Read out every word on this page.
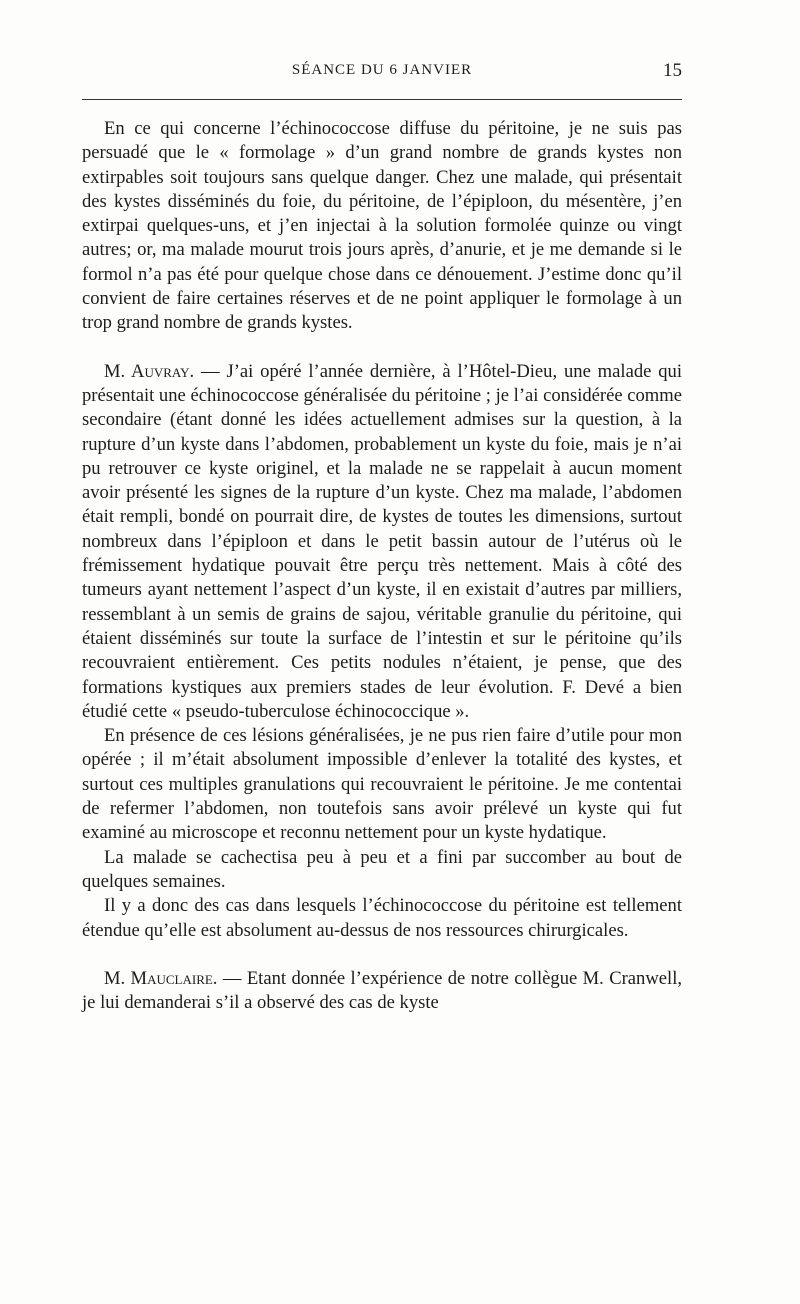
SÉANCE DU 6 JANVIER	15

En ce qui concerne l’échinococcose diffuse du péritoine, je ne suis pas persuadé que le « formolage » d’un grand nombre de grands kystes non extirpables soit toujours sans quelque danger. Chez une malade, qui présentait des kystes disséminés du foie, du péritoine, de l’épiploon, du mésentère, j’en extirpai quelques-uns, et j’en injectai à la solution formolée quinze ou vingt autres; or, ma malade mourut trois jours après, d’anurie, et je me demande si le formol n’a pas été pour quelque chose dans ce dénouement. J’estime donc qu’il convient de faire certaines réserves et de ne point appliquer le formolage à un trop grand nombre de grands kystes.

M. Auvray. — J’ai opéré l’année dernière, à l’Hôtel-Dieu, une malade qui présentait une échinococcose généralisée du péritoine ; je l’ai considérée comme secondaire (étant donné les idées actuellement admises sur la question, à la rupture d’un kyste dans l’abdomen, probablement un kyste du foie, mais je n’ai pu retrouver ce kyste originel, et la malade ne se rappelait à aucun moment avoir présenté les signes de la rupture d’un kyste. Chez ma malade, l’abdomen était rempli, bondé on pourrait dire, de kystes de toutes les dimensions, surtout nombreux dans l’épiploon et dans le petit bassin autour de l’utérus où le frémissement hydatique pouvait être perçu très nettement. Mais à côté des tumeurs ayant nettement l’aspect d’un kyste, il en existait d’autres par milliers, ressemblant à un semis de grains de sajou, véritable granulie du péritoine, qui étaient disséminés sur toute la surface de l’intestin et sur le péritoine qu’ils recouvraient entièrement. Ces petits nodules n’étaient, je pense, que des formations kystiques aux premiers stades de leur évolution. F. Devé a bien étudié cette « pseudo-tuberculose échinococcique ».

En présence de ces lésions généralisées, je ne pus rien faire d’utile pour mon opérée ; il m’était absolument impossible d’enlever la totalité des kystes, et surtout ces multiples granulations qui recouvraient le péritoine. Je me contentai de refermer l’abdomen, non toutefois sans avoir prélevé un kyste qui fut examiné au microscope et reconnu nettement pour un kyste hydatique.

La malade se cachectisa peu à peu et a fini par succomber au bout de quelques semaines.

Il y a donc des cas dans lesquels l’échinococcose du péritoine est tellement étendue qu’elle est absolument au-dessus de nos ressources chirurgicales.

M. Mauclaire. — Etant donnée l’expérience de notre collègue M. Cranwell, je lui demanderai s’il a observé des cas de kyste
